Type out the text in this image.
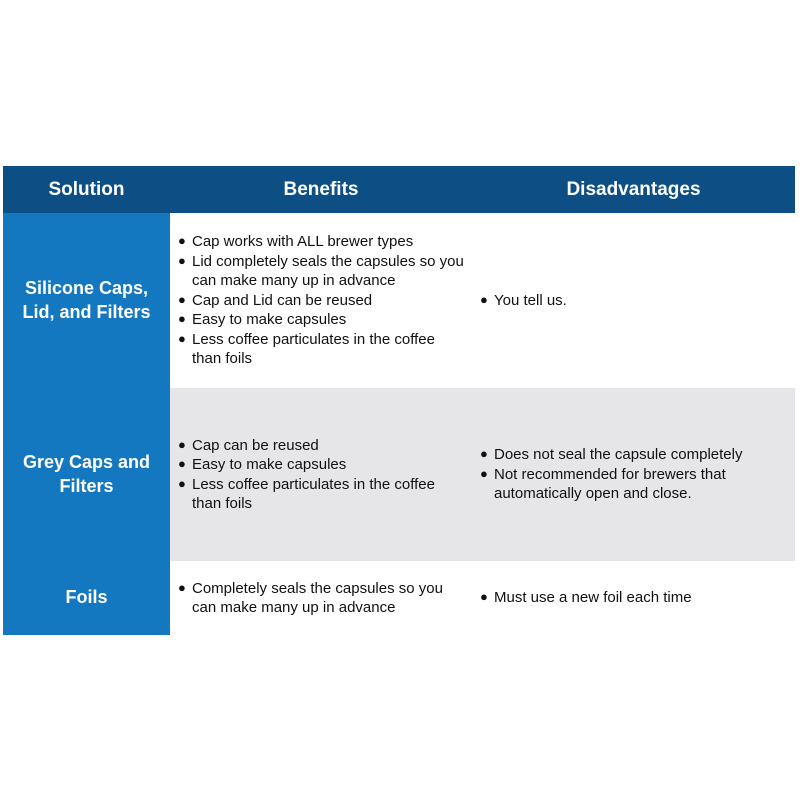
Solution	Benefits	Disadvantages
Silicone Caps, Lid, and Filters
● Cap works with ALL brewer types
● Lid completely seals the capsules so you can make many up in advance
● Cap and Lid can be reused
● Easy to make capsules
● Less coffee particulates in the coffee than foils
● You tell us.
Grey Caps and Filters
● Cap can be reused
● Easy to make capsules
● Less coffee particulates in the coffee than foils
● Does not seal the capsule completely
● Not recommended for brewers that automatically open and close.
Foils
● Completely seals the capsules so you can make many up in advance
● Must use a new foil each time
